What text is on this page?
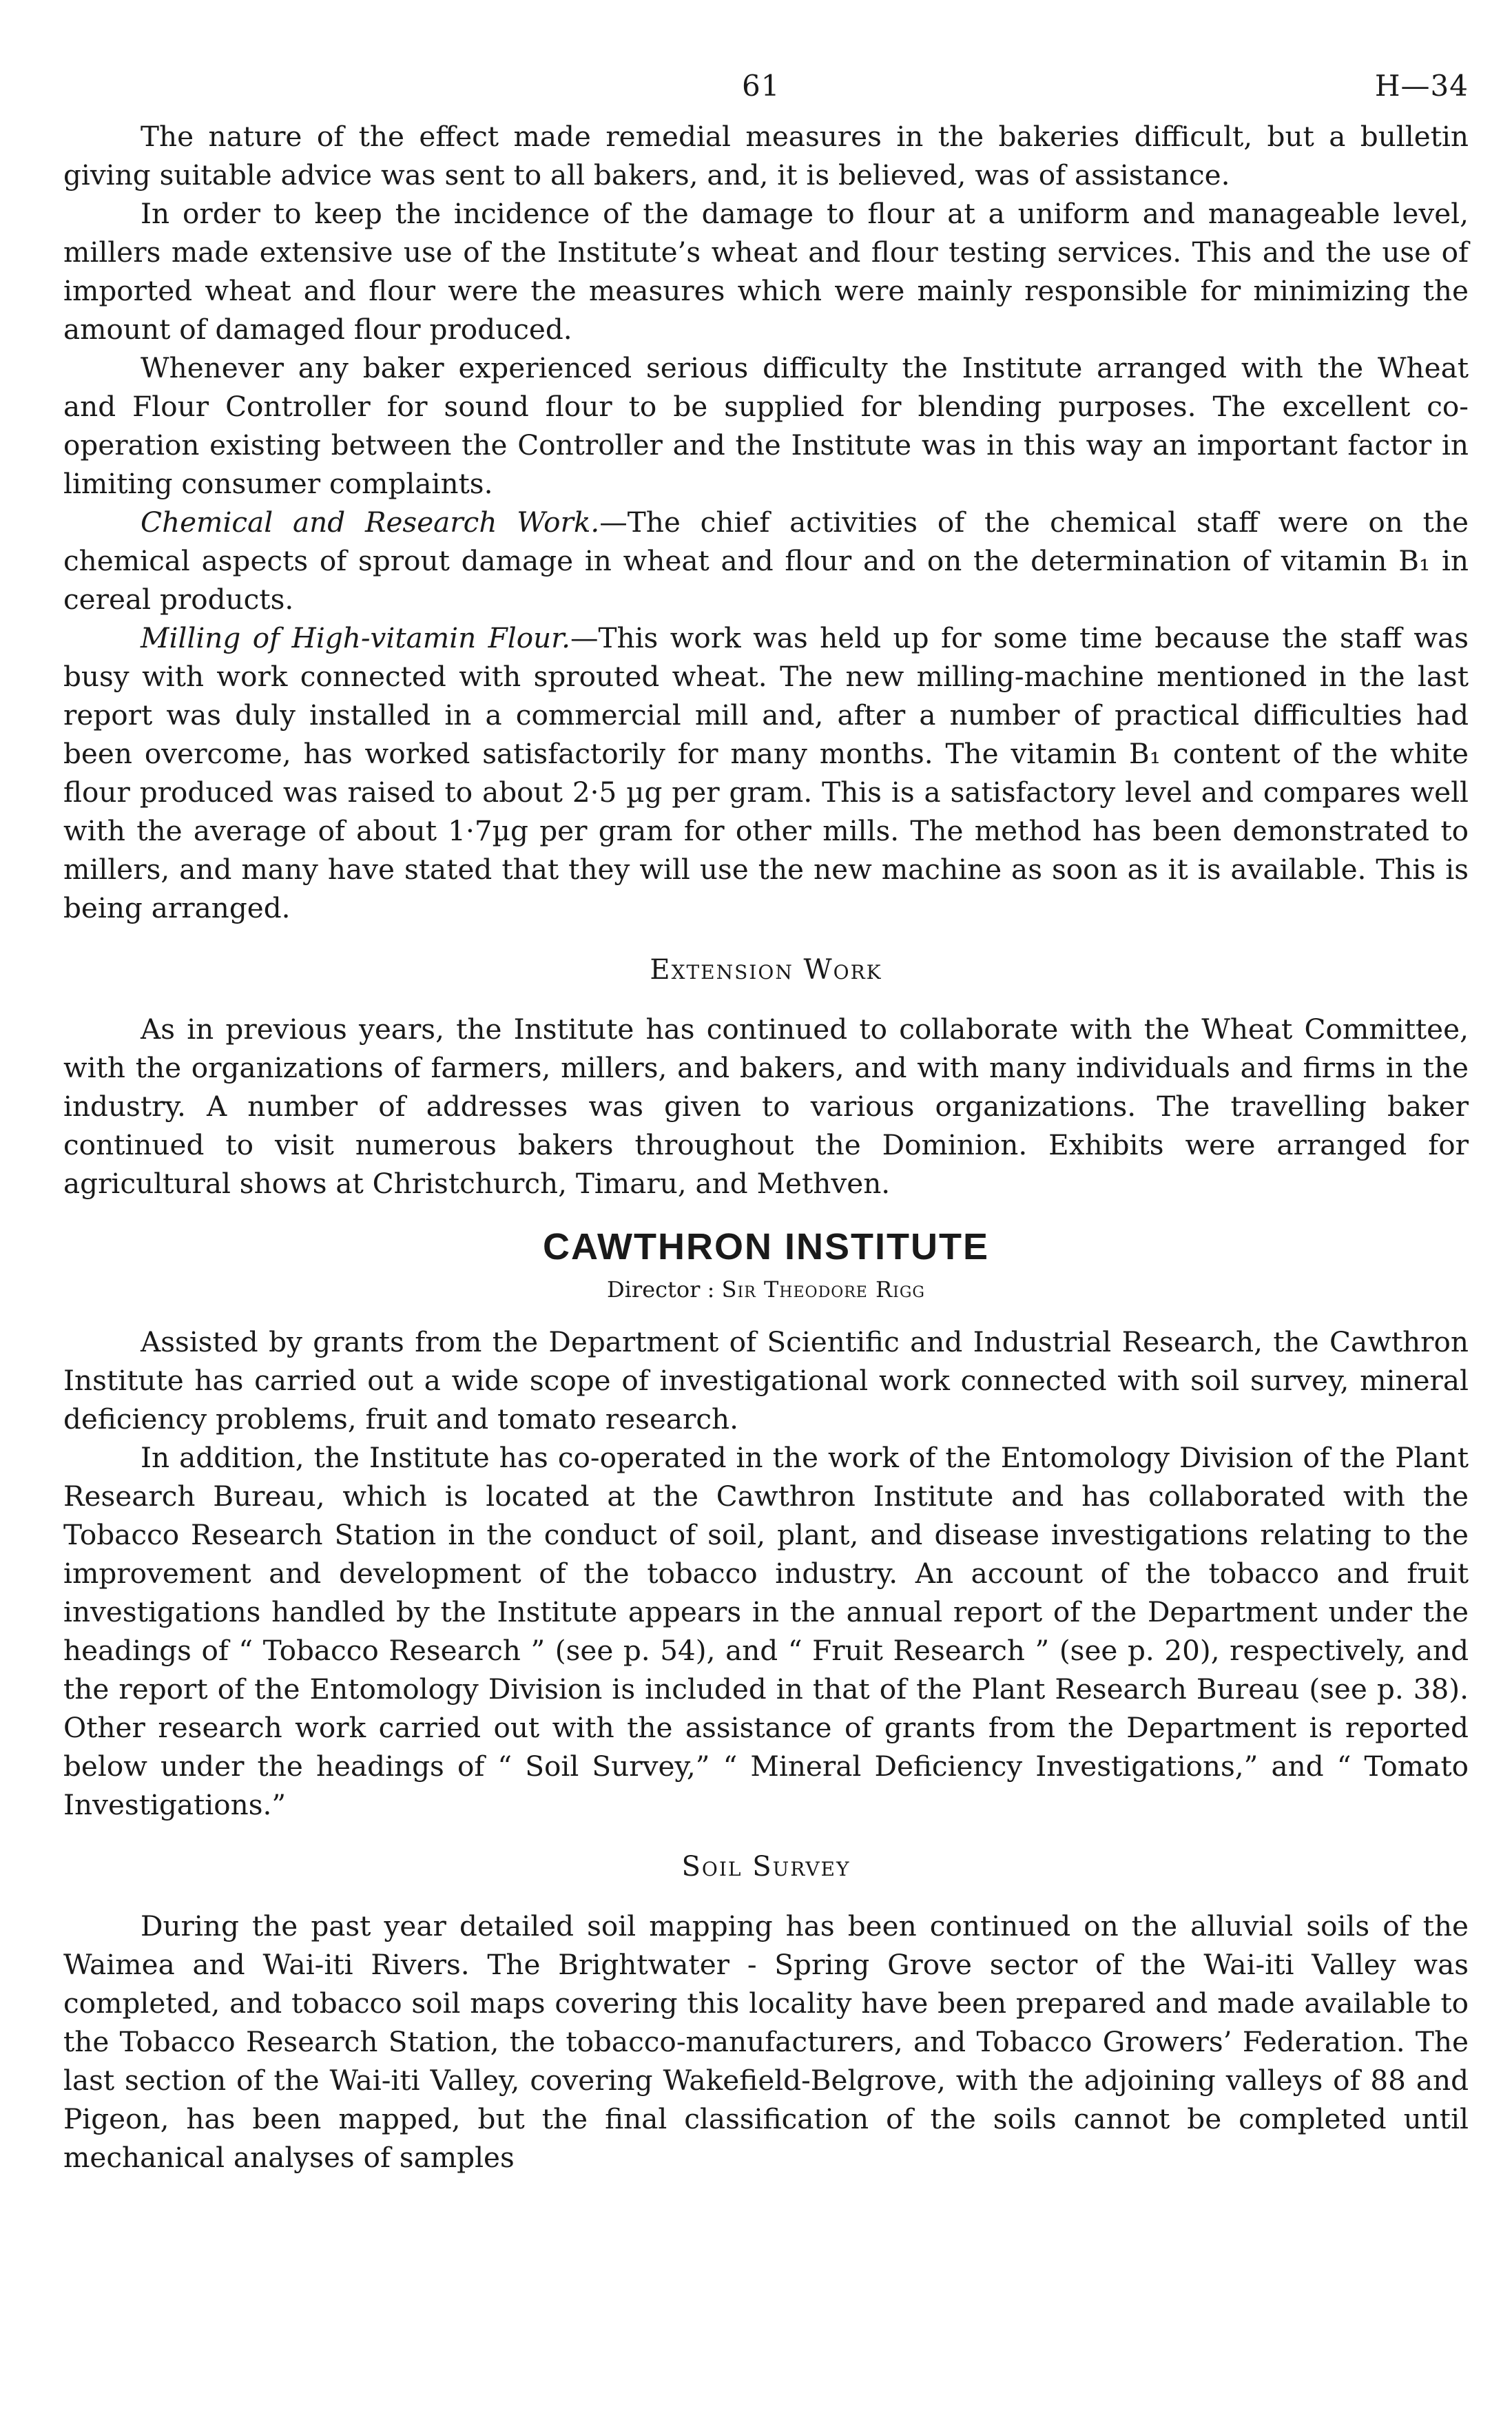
61	H—34

The nature of the effect made remedial measures in the bakeries difficult, but a bulletin giving suitable advice was sent to all bakers, and, it is believed, was of assistance.

In order to keep the incidence of the damage to flour at a uniform and manageable level, millers made extensive use of the Institute’s wheat and flour testing services. This and the use of imported wheat and flour were the measures which were mainly responsible for minimizing the amount of damaged flour produced.

Whenever any baker experienced serious difficulty the Institute arranged with the Wheat and Flour Controller for sound flour to be supplied for blending purposes. The excellent co-operation existing between the Controller and the Institute was in this way an important factor in limiting consumer complaints.

Chemical and Research Work.—The chief activities of the chemical staff were on the chemical aspects of sprout damage in wheat and flour and on the determination of vitamin B₁ in cereal products.

Milling of High-vitamin Flour.—This work was held up for some time because the staff was busy with work connected with sprouted wheat. The new milling-machine mentioned in the last report was duly installed in a commercial mill and, after a number of practical difficulties had been overcome, has worked satisfactorily for many months. The vitamin B₁ content of the white flour produced was raised to about 2·5 µg per gram. This is a satisfactory level and compares well with the average of about 1·7µg per gram for other mills. The method has been demonstrated to millers, and many have stated that they will use the new machine as soon as it is available. This is being arranged.

Extension Work

As in previous years, the Institute has continued to collaborate with the Wheat Committee, with the organizations of farmers, millers, and bakers, and with many individuals and firms in the industry. A number of addresses was given to various organizations. The travelling baker continued to visit numerous bakers throughout the Dominion. Exhibits were arranged for agricultural shows at Christchurch, Timaru, and Methven.

CAWTHRON INSTITUTE
Director : Sir Theodore Rigg

Assisted by grants from the Department of Scientific and Industrial Research, the Cawthron Institute has carried out a wide scope of investigational work connected with soil survey, mineral deficiency problems, fruit and tomato research.

In addition, the Institute has co-operated in the work of the Entomology Division of the Plant Research Bureau, which is located at the Cawthron Institute and has collaborated with the Tobacco Research Station in the conduct of soil, plant, and disease investigations relating to the improvement and development of the tobacco industry. An account of the tobacco and fruit investigations handled by the Institute appears in the annual report of the Department under the headings of “ Tobacco Research ” (see p. 54), and “ Fruit Research ” (see p. 20), respectively, and the report of the Entomology Division is included in that of the Plant Research Bureau (see p. 38). Other research work carried out with the assistance of grants from the Department is reported below under the headings of “ Soil Survey,” “ Mineral Deficiency Investigations,” and “ Tomato Investigations.”

Soil Survey

During the past year detailed soil mapping has been continued on the alluvial soils of the Waimea and Wai-iti Rivers. The Brightwater - Spring Grove sector of the Wai-iti Valley was completed, and tobacco soil maps covering this locality have been prepared and made available to the Tobacco Research Station, the tobacco-manufacturers, and Tobacco Growers’ Federation. The last section of the Wai-iti Valley, covering Wakefield-Belgrove, with the adjoining valleys of 88 and Pigeon, has been mapped, but the final classification of the soils cannot be completed until mechanical analyses of samples
